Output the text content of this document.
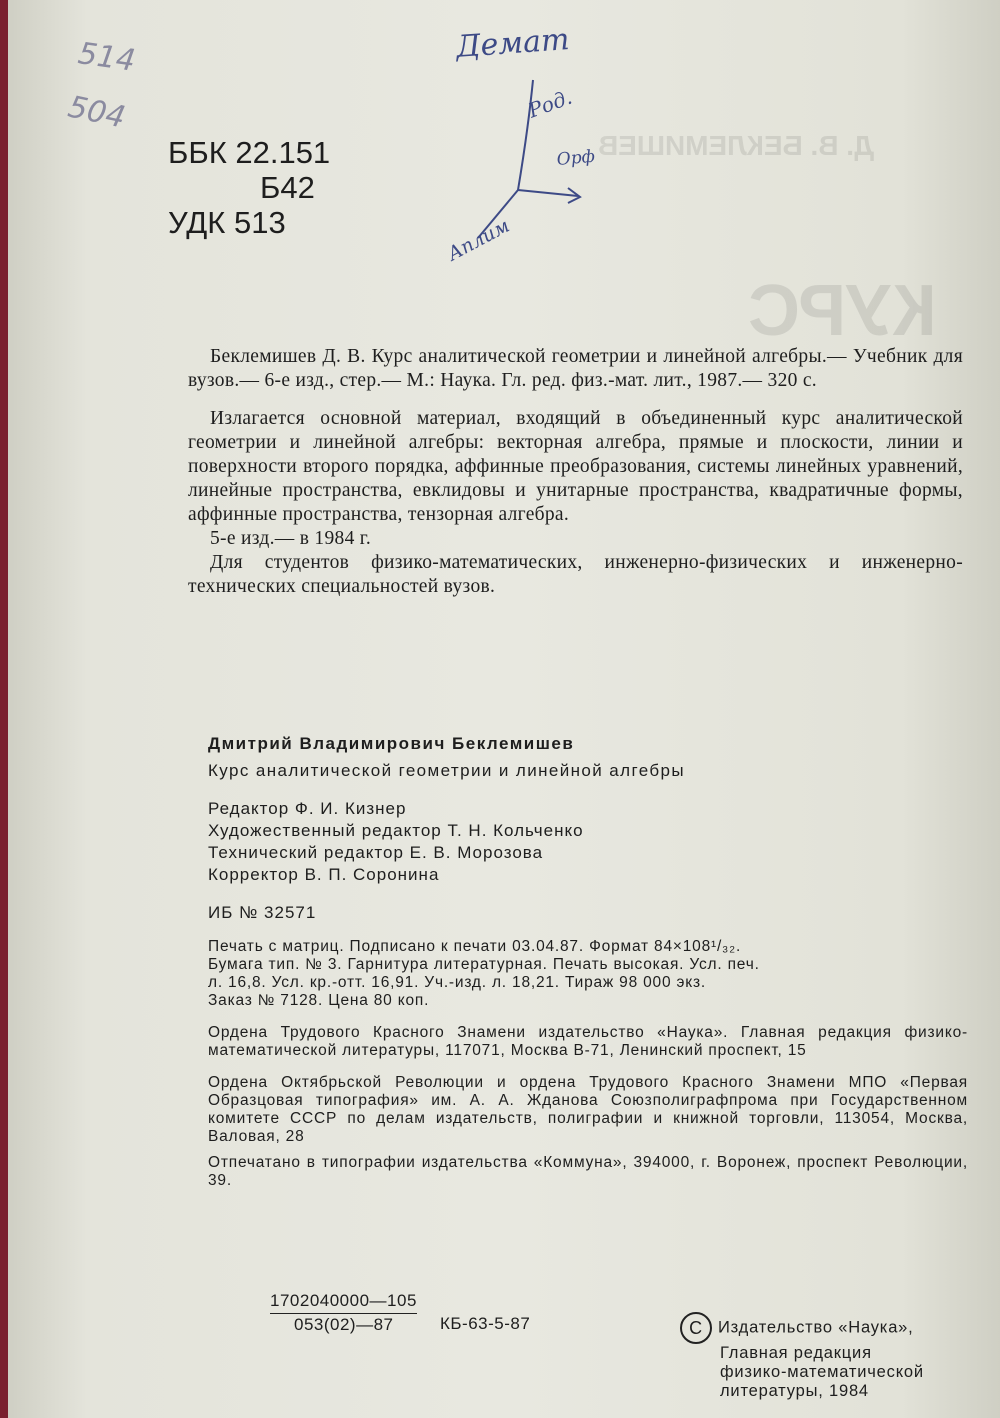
Д. В. БЕКЛЕМИШЕВ
КУРС
514
504
ББК 22.151
Б42
УДК 513
Демат
Род.
Орф
Аплим

Беклемишев Д. В. Курс аналитической геометрии и линейной алгебры.— Учебник для вузов.— 6-е изд., стер.— М.: Наука. Гл. ред. физ.-мат. лит., 1987.— 320 с.

Излагается основной материал, входящий в объединенный курс аналитической геометрии и линейной алгебры: векторная алгебра, прямые и плоскости, линии и поверхности второго порядка, аффинные преобразования, системы линейных уравнений, линейные пространства, евклидовы и унитарные пространства, квадратичные формы, аффинные пространства, тензорная алгебра.

5-е изд.— в 1984 г.

Для студентов физико-математических, инженерно-физических и инженерно-технических специальностей вузов.

Дмитрий Владимирович Беклемишев
Курс аналитической геометрии и линейной алгебры
Редактор Ф. И. Кизнер
Художественный редактор Т. Н. Кольченко
Технический редактор Е. В. Морозова
Корректор В. П. Соронина
ИБ № 32571
Печать с матриц. Подписано к печати 03.04.87. Формат 84×108¹/₃₂.
Бумага тип. № 3. Гарнитура литературная. Печать высокая. Усл. печ.
л. 16,8. Усл. кр.-отт. 16,91. Уч.-изд. л. 18,21. Тираж 98 000 экз.
Заказ № 7128. Цена 80 коп.
Ордена Трудового Красного Знамени издательство «Наука». Главная редакция физико-математической литературы, 117071, Москва В-71, Ленинский проспект, 15
Ордена Октябрьской Революции и ордена Трудового Красного Знамени МПО «Первая Образцовая типография» им. А. А. Жданова Союзполиграфпрома при Государственном комитете СССР по делам издательств, полиграфии и книжной торговли, 113054, Москва, Валовая, 28
Отпечатано в типографии издательства «Коммуна», 394000, г. Воронеж, проспект Революции, 39.
$\frac{1702040000—105}{053(02)—87} КБ-63-5-87$	C Издательство «Наука»,
Главная редакция
физико-математической
литературы, 1984
